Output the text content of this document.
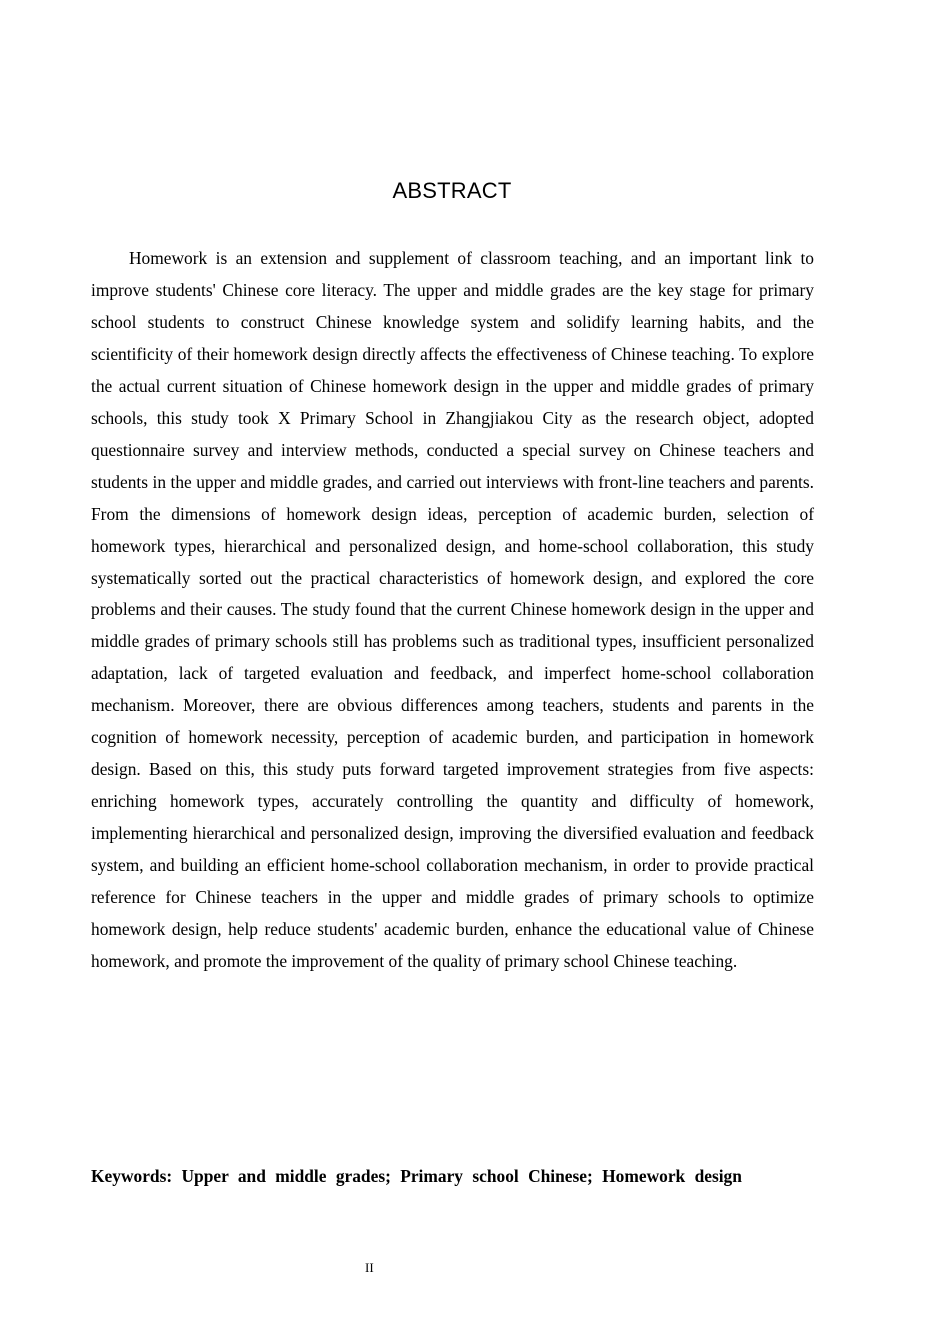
ABSTRACT

Homework is an extension and supplement of classroom teaching, and an important link to improve students' Chinese core literacy. The upper and middle grades are the key stage for primary school students to construct Chinese knowledge system and solidify learning habits, and the scientificity of their homework design directly affects the effectiveness of Chinese teaching. To explore the actual current situation of Chinese homework design in the upper and middle grades of primary schools, this study took X Primary School in Zhangjiakou City as the research object, adopted questionnaire survey and interview methods, conducted a special survey on Chinese teachers and students in the upper and middle grades, and carried out interviews with front-line teachers and parents. From the dimensions of homework design ideas, perception of academic burden, selection of homework types, hierarchical and personalized design, and home-school collaboration, this study systematically sorted out the practical characteristics of homework design, and explored the core problems and their causes. The study found that the current Chinese homework design in the upper and middle grades of primary schools still has problems such as traditional types, insufficient personalized adaptation, lack of targeted evaluation and feedback, and imperfect home-school collaboration mechanism. Moreover, there are obvious differences among teachers, students and parents in the cognition of homework necessity, perception of academic burden, and participation in homework design. Based on this, this study puts forward targeted improvement strategies from five aspects: enriching homework types, accurately controlling the quantity and difficulty of homework, implementing hierarchical and personalized design, improving the diversified evaluation and feedback system, and building an efficient home-school collaboration mechanism, in order to provide practical reference for Chinese teachers in the upper and middle grades of primary schools to optimize homework design, help reduce students' academic burden, enhance the educational value of Chinese homework, and promote the improvement of the quality of primary school Chinese teaching.

Keywords: Upper and middle grades; Primary school Chinese; Homework design
II
